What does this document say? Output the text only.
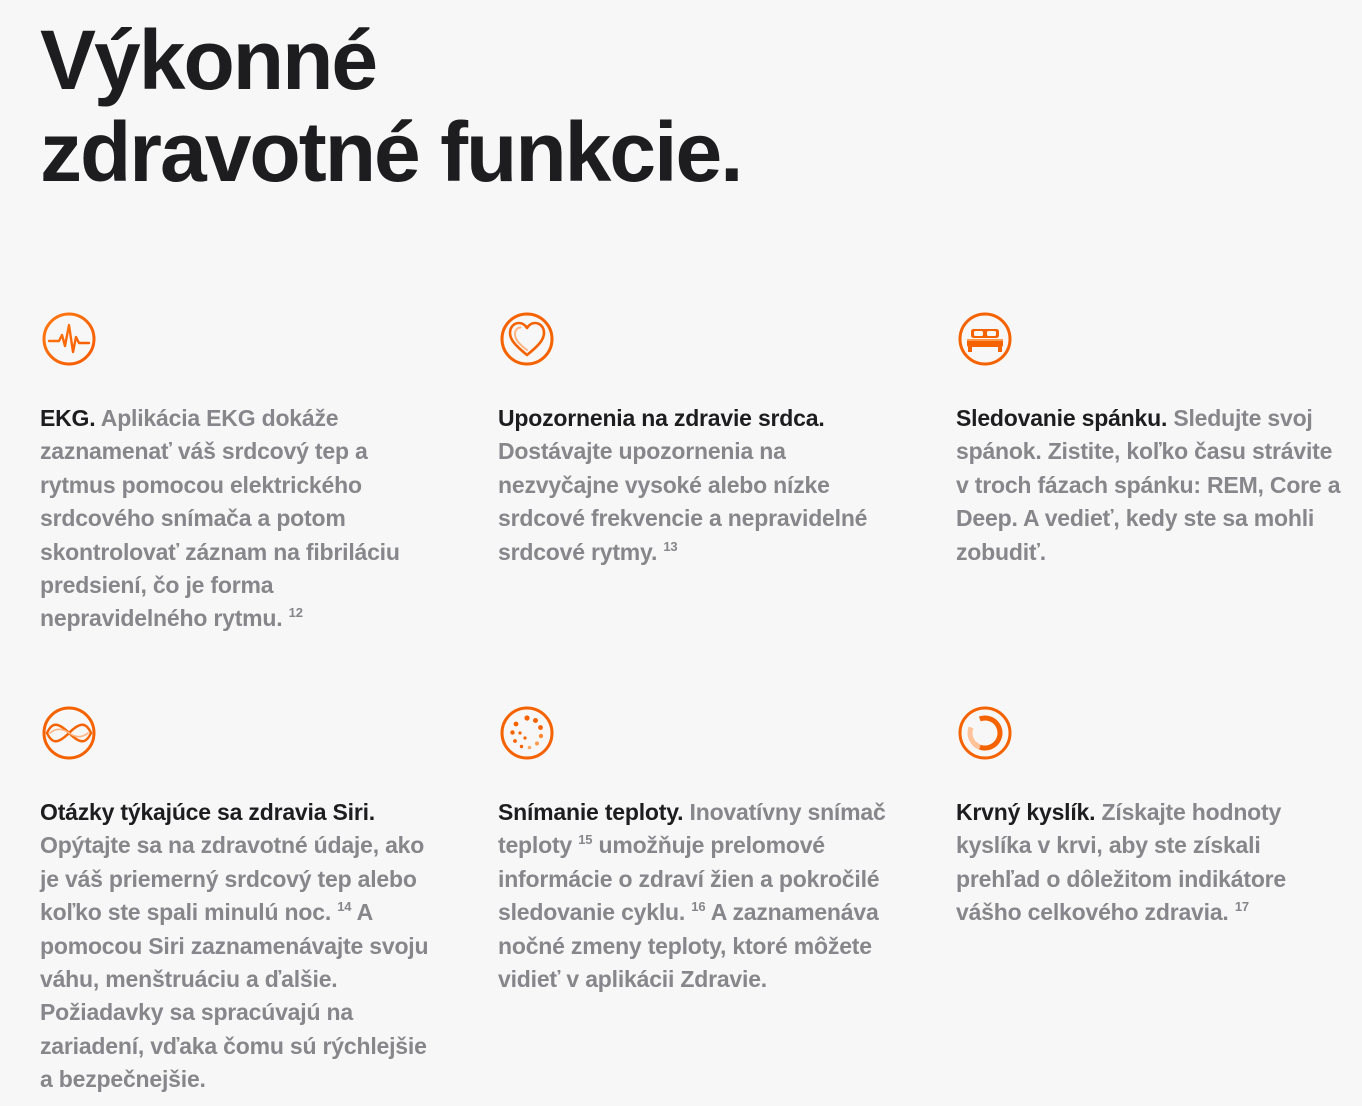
Výkonné
zdravotné funkcie.

EKG. Aplikácia EKG dokáže zaznamenať váš srdcový tep a rytmus pomocou elektrického srdcového snímača a potom skontrolovať záznam na fibriláciu predsiení, čo je forma nepravidelného rytmu. $^{12}$

Upozornenia na zdravie srdca. Dostávajte upozornenia na nezvyčajne vysoké alebo nízke srdcové frekvencie a nepravidelné srdcové rytmy. $^{13}$

Sledovanie spánku. Sledujte svoj spánok. Zistite, koľko času strávite v troch fázach spánku: REM, Core a Deep. A vedieť, kedy ste sa mohli zobudiť.

Otázky týkajúce sa zdravia Siri. Opýtajte sa na zdravotné údaje, ako je váš priemerný srdcový tep alebo koľko ste spali minulú noc. $^{14}$ A pomocou Siri zaznamenávajte svoju váhu, menštruáciu a ďalšie. Požiadavky sa spracúvajú na zariadení, vďaka čomu sú rýchlejšie a bezpečnejšie.

Snímanie teploty. Inovatívny snímač teploty $^{15}$ umožňuje prelomové informácie o zdraví žien a pokročilé sledovanie cyklu. $^{16}$ A zaznamenáva nočné zmeny teploty, ktoré môžete vidieť v aplikácii Zdravie.

Krvný kyslík. Získajte hodnoty kyslíka v krvi, aby ste získali prehľad o dôležitom indikátore vášho celkového zdravia. $^{17}$
